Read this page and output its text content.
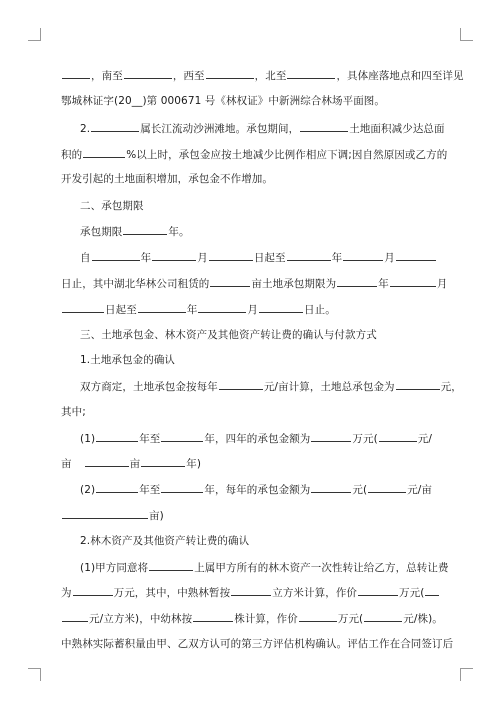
，南至	，西至	，北至	，具体座落地点和四至详见
鄂城林证字(20__)第 000671 号《林权证》中新洲综合林场平面图。
2.	属长江流动沙洲滩地。承包期间，	土地面积减少达总面
积的	%以上时，承包金应按土地减少比例作相应下调;因自然原因或乙方的
开发引起的土地面积增加，承包金不作增加。
二、承包期限
承包期限	年。
自	年	月	日起至	年	月
日止，其中湖北华林公司租赁的	亩土地承包期限为	年	月
日起至	年	月	日止。
三、土地承包金、林木资产及其他资产转让费的确认与付款方式
1.土地承包金的确认
双方商定，土地承包金按每年	元/亩计算，土地总承包金为	元，
其中;
(1)	年至	年，四年的承包金额为	万元(	元/
亩	亩	年)
(2)	年至	年，每年的承包金额为	元(	元/亩
亩)
2.林木资产及其他资产转让费的确认
(1)甲方同意将	上属甲方所有的林木资产一次性转让给乙方，总转让费
为	万元，其中，中熟林暂按	立方米计算，作价	万元(
元/立方米)，中幼林按	株计算，作价	万元(	元/株)。
中熟林实际蓄积量由甲、乙双方认可的第三方评估机构确认。评估工作在合同签订后
